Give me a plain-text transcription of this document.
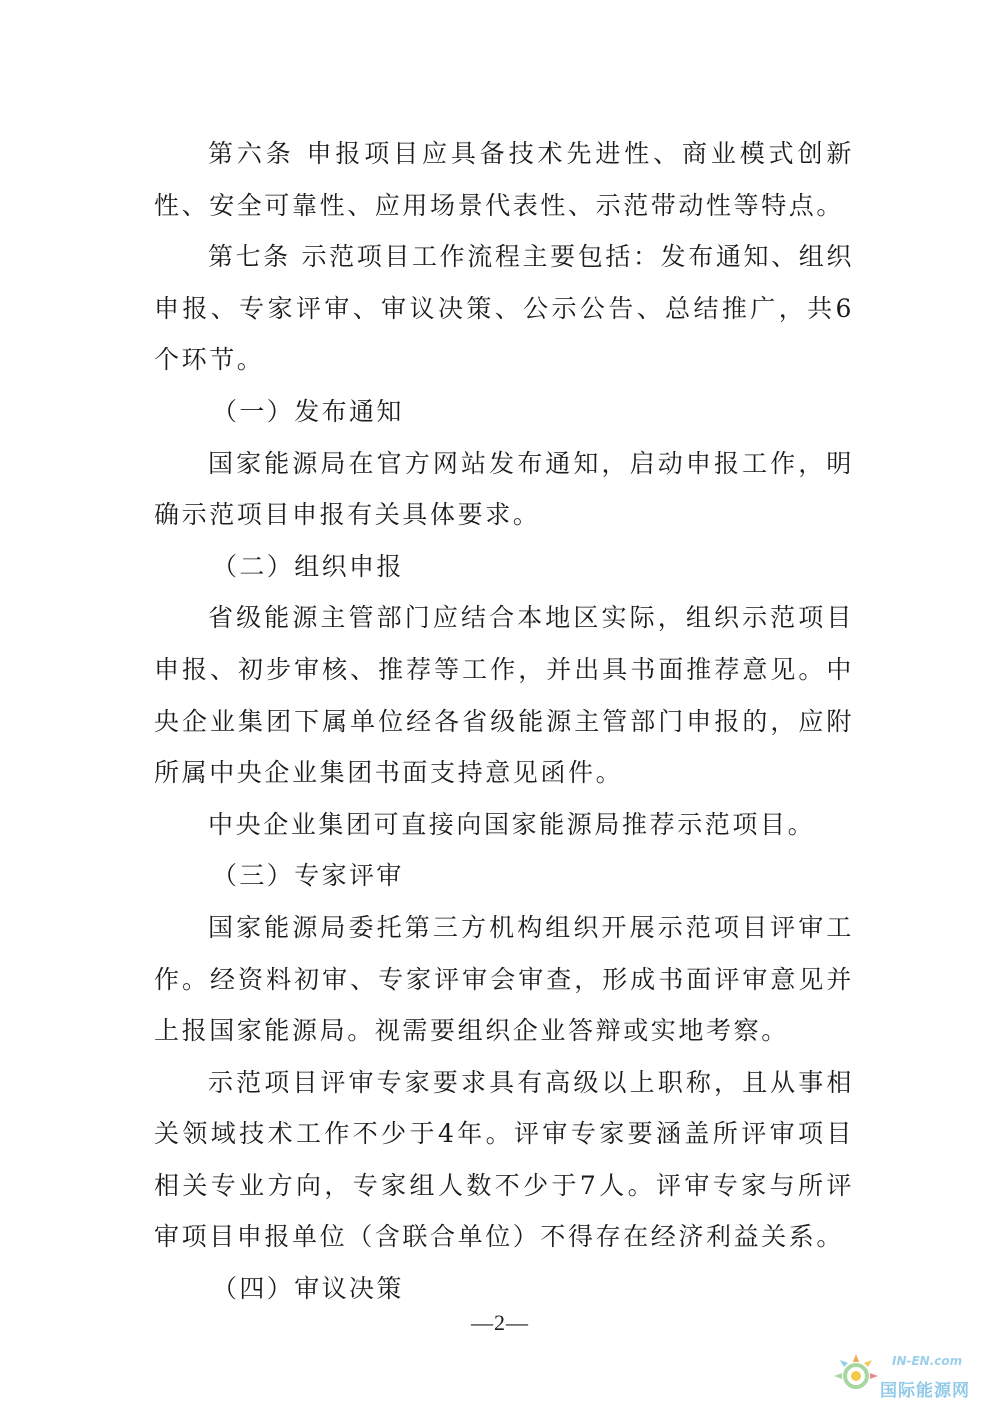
第六条 申报项目应具备技术先进性、商业模式创新性、安全可靠性、应用场景代表性、示范带动性等特点。

第七条 示范项目工作流程主要包括：发布通知、组织申报、专家评审、审议决策、公示公告、总结推广，共6个环节。

（一）发布通知

国家能源局在官方网站发布通知，启动申报工作，明确示范项目申报有关具体要求。

（二）组织申报

省级能源主管部门应结合本地区实际，组织示范项目申报、初步审核、推荐等工作，并出具书面推荐意见。中央企业集团下属单位经各省级能源主管部门申报的，应附所属中央企业集团书面支持意见函件。

中央企业集团可直接向国家能源局推荐示范项目。

（三）专家评审

国家能源局委托第三方机构组织开展示范项目评审工作。经资料初审、专家评审会审查，形成书面评审意见并上报国家能源局。视需要组织企业答辩或实地考察。

示范项目评审专家要求具有高级以上职称，且从事相关领域技术工作不少于4年。评审专家要涵盖所评审项目相关专业方向，专家组人数不少于7人。评审专家与所评审项目申报单位（含联合单位）不得存在经济利益关系。

（四）审议决策

—2—
IN-EN.com
国际能源网
